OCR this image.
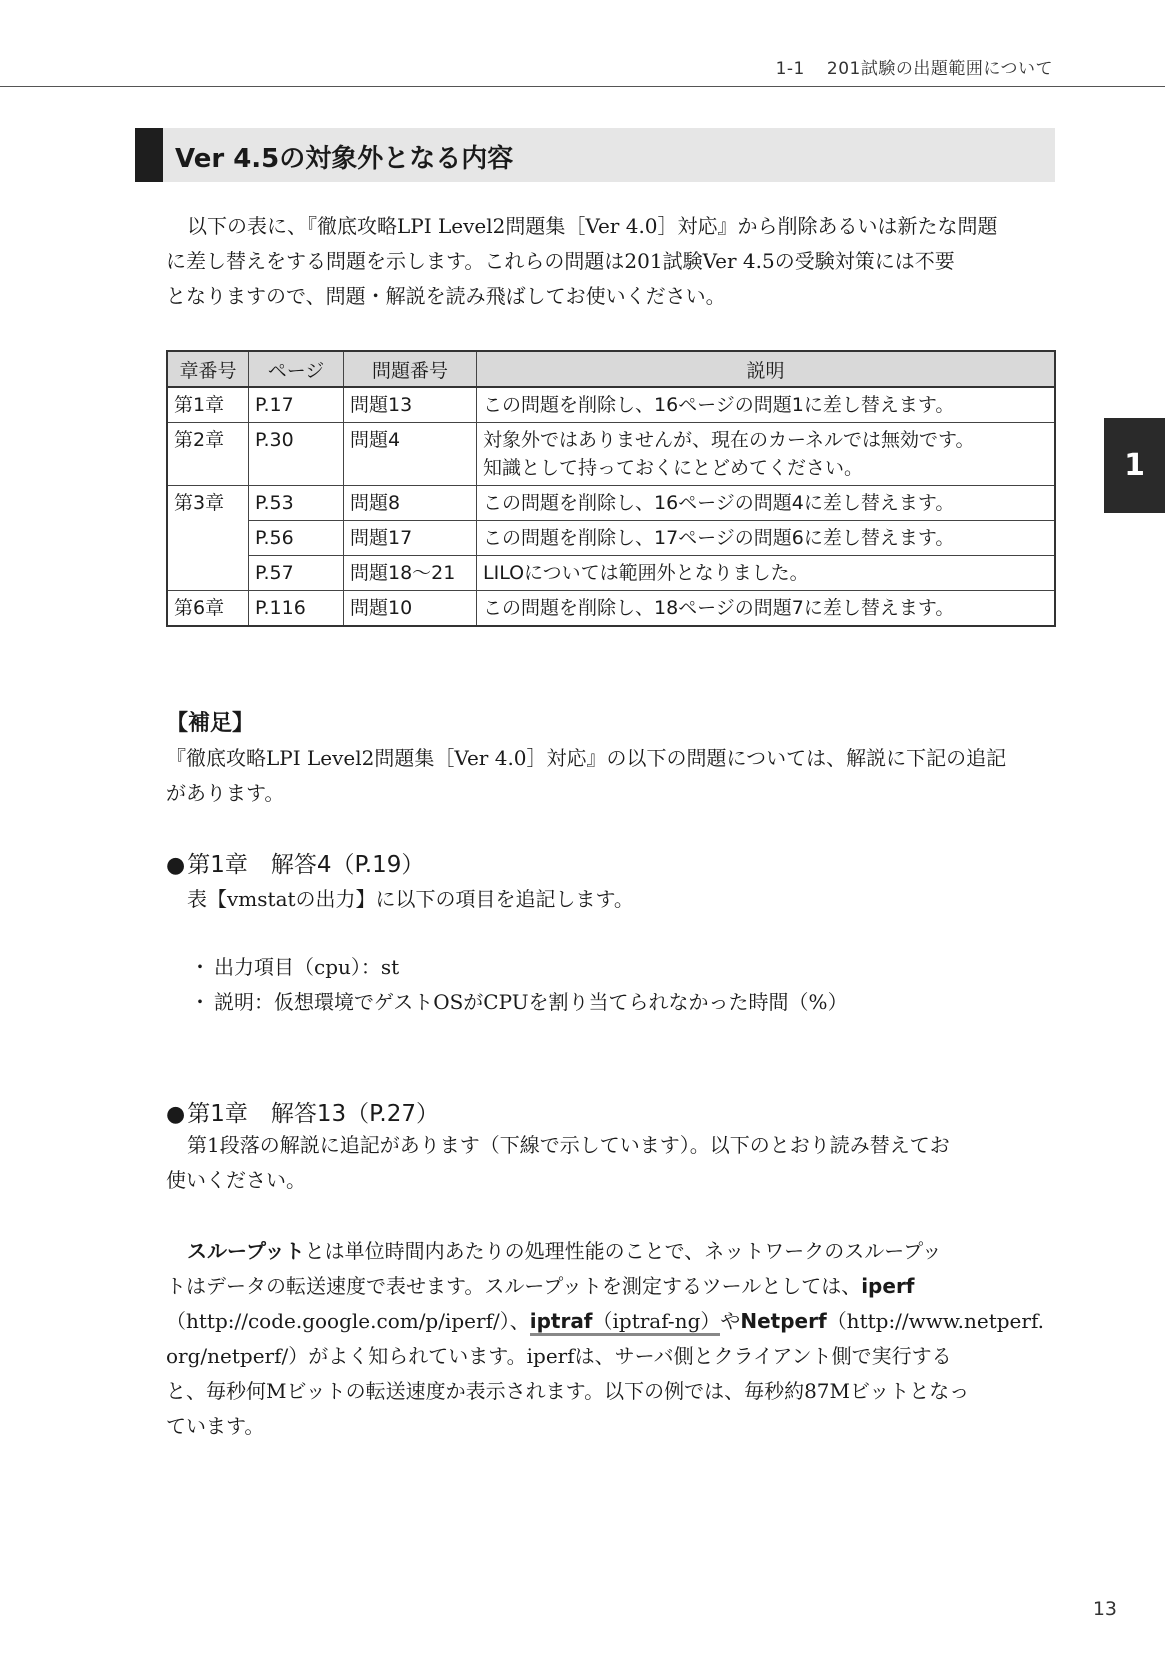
1-1 201試験の出題範囲について
Ver 4.5の対象外となる内容
1

以下の表に、『徹底攻略LPI Level2問題集［Ver 4.0］対応』から削除あるいは新たな問題
に差し替えをする問題を示します。これらの問題は201試験Ver 4.5の受験対策には不要
となりますので、問題・解説を読み飛ばしてお使いください。

章番号	ページ	問題番号	説明
第1章	P.17	問題13	この問題を削除し、16ページの問題1に差し替えます。
第2章	P.30	問題4	対象外ではありませんが、現在のカーネルでは無効です。
知識として持っておくにとどめてください。
第3章	P.53	問題8	この問題を削除し、16ページの問題4に差し替えます。
	P.56	問題17	この問題を削除し、17ページの問題6に差し替えます。
	P.57	問題18〜21	LILOについては範囲外となりました。
第6章	P.116	問題10	この問題を削除し、18ページの問題7に差し替えます。
【補足】

『徹底攻略LPI Level2問題集［Ver 4.0］対応』の以下の問題については、解説に下記の追記
があります。

●第1章　解答4（P.19）

表【vmstatの出力】に以下の項目を追記します。

・ 出力項目（cpu）：st
・ 説明：仮想環境でゲストOSがCPUを割り当てられなかった時間（%）
●第1章　解答13（P.27）

第1段落の解説に追記があります（下線で示しています）。以下のとおり読み替えてお
使いください。

スループットとは単位時間内あたりの処理性能のことで、ネットワークのスループッ
トはデータの転送速度で表せます。スループットを測定するツールとしては、iperf
（http://code.google.com/p/iperf/）、iptraf（iptraf-ng）やNetperf（http://www.netperf.
org/netperf/）がよく知られています。iperfは、サーバ側とクライアント側で実行する
と、毎秒何Mビットの転送速度か表示されます。以下の例では、毎秒約87Mビットとなっ
ています。

13
